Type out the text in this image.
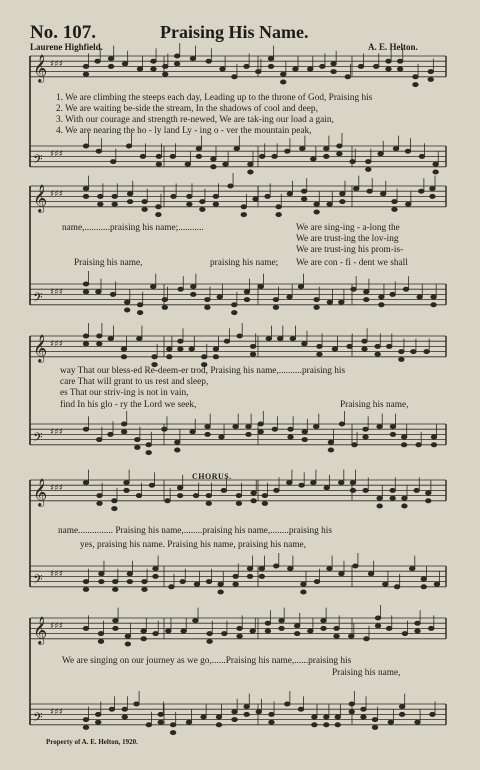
No. 107.	Praising His Name.
Laurene Highfield.	A. E. Helton.
𝄞 ♯♯♯
𝄢 ♯♯♯
𝄞 ♯♯♯
𝄢 ♯♯♯
𝄞 ♯♯♯
𝄢 ♯♯♯
𝄞 ♯♯♯
𝄢 ♯♯♯
𝄞 ♯♯♯
𝄢 ♯♯♯
1. We are climbing the steeps each day, Leading up to the throne of God, Praising his
2. We are waiting be-side the stream, In the shadows of cool and deep,
3. With our courage and strength re-newed, We are tak-ing our load a gain,
4. We are nearing the ho - ly land Ly - ing o - ver the mountain peak,
name,...........praising his name;...........
Praising his name,	praising his name;
We are sing-ing - a-long the
We are trust-ing the lov-ing
We are trust-ing his prom-is-
We are con - fi - dent we shall
way That our bless-ed Re-deem-er trod, Praising his name,..........praising his
care That will grant to us rest and sleep,
es That our striv-ing is not in vain,
find In his glo - ry the Lord we seek,	Praising his name,
CHORUS.
name............... Praising his name,........praising his name,........praising his
yes, praising his name. Praising his name, praising his name,
We are singing on our journey as we go,......Praising his name,......praising his
Praising his name,
Property of A. E. Helton, 1920.
